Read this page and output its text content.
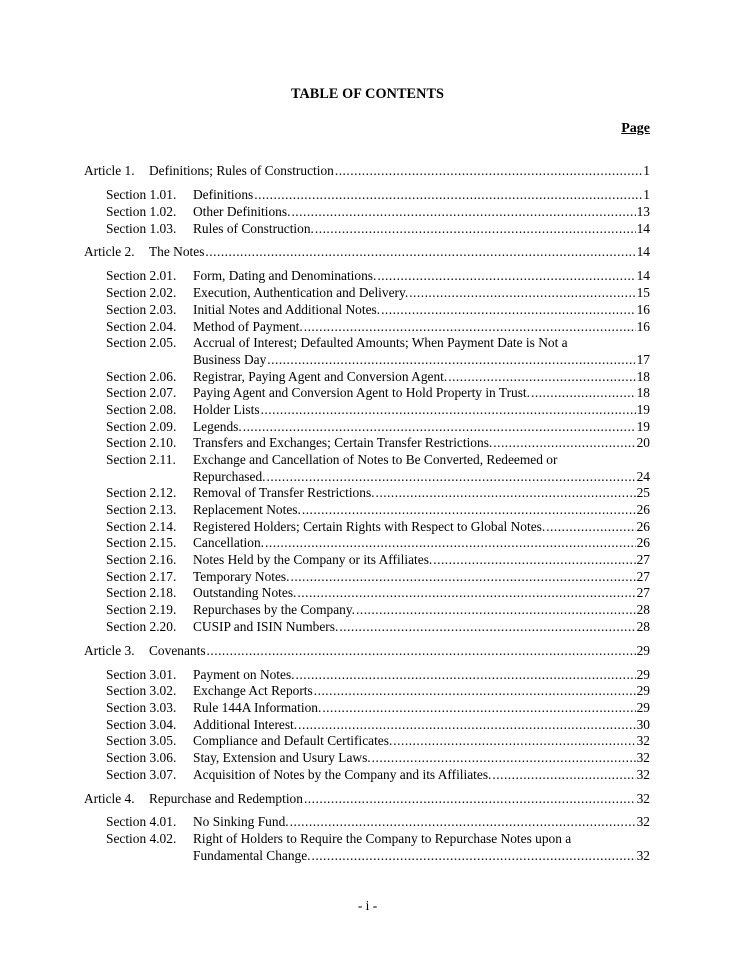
TABLE OF CONTENTS
Page
Article 1.	Definitions; Rules of Construction .....	1
Section 1.01.	Definitions .....	1
Section 1.02.	Other Definitions. .....	13
Section 1.03.	Rules of Construction. .....	14
Article 2.	The Notes .....	14
Section 2.01.	Form, Dating and Denominations. .....	14
Section 2.02.	Execution, Authentication and Delivery. .....	15
Section 2.03.	Initial Notes and Additional Notes. .....	16
Section 2.04.	Method of Payment. .....	16
Section 2.05.	Accrual of Interest; Defaulted Amounts; When Payment Date is Not a
Business Day .....	17
Section 2.06.	Registrar, Paying Agent and Conversion Agent. .....	18
Section 2.07.	Paying Agent and Conversion Agent to Hold Property in Trust. .....	18
Section 2.08.	Holder Lists .....	19
Section 2.09.	Legends. .....	19
Section 2.10.	Transfers and Exchanges; Certain Transfer Restrictions. .....	20
Section 2.11.	Exchange and Cancellation of Notes to Be Converted, Redeemed or
Repurchased. .....	24
Section 2.12.	Removal of Transfer Restrictions. .....	25
Section 2.13.	Replacement Notes. .....	26
Section 2.14.	Registered Holders; Certain Rights with Respect to Global Notes. .....	26
Section 2.15.	Cancellation. .....	26
Section 2.16.	Notes Held by the Company or its Affiliates. .....	27
Section 2.17.	Temporary Notes. .....	27
Section 2.18.	Outstanding Notes. .....	27
Section 2.19.	Repurchases by the Company. .....	28
Section 2.20.	CUSIP and ISIN Numbers. .....	28
Article 3.	Covenants .....	29
Section 3.01.	Payment on Notes. .....	29
Section 3.02.	Exchange Act Reports .....	29
Section 3.03.	Rule 144A Information. .....	29
Section 3.04.	Additional Interest. .....	30
Section 3.05.	Compliance and Default Certificates. .....	32
Section 3.06.	Stay, Extension and Usury Laws. .....	32
Section 3.07.	Acquisition of Notes by the Company and its Affiliates. .....	32
Article 4.	Repurchase and Redemption .....	32
Section 4.01.	No Sinking Fund. .....	32
Section 4.02.	Right of Holders to Require the Company to Repurchase Notes upon a
Fundamental Change. .....	32
- i -
